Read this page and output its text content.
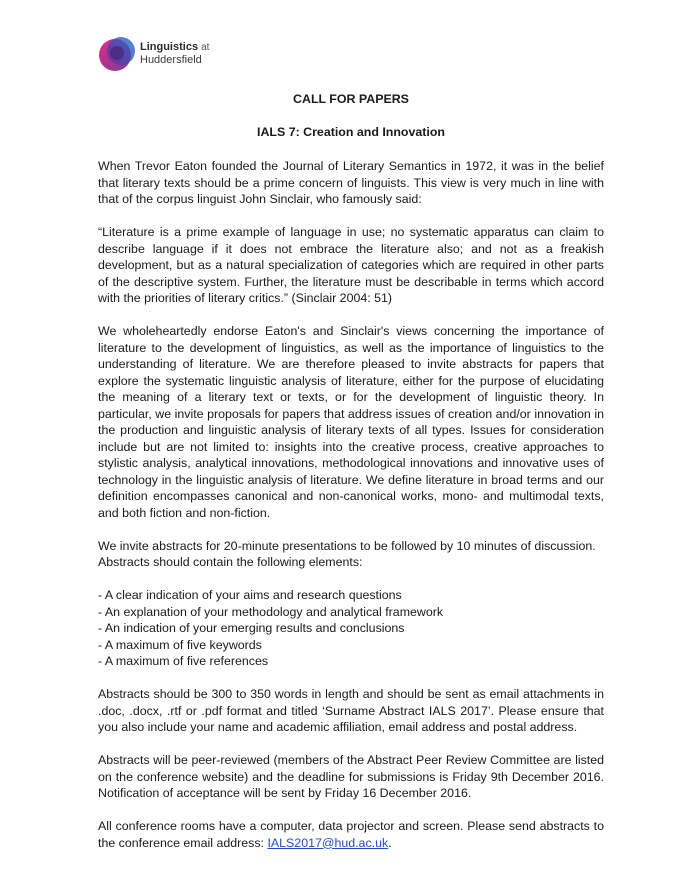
Linguistics at
Huddersfield
CALL FOR PAPERS
IALS 7: Creation and Innovation

When Trevor Eaton founded the Journal of Literary Semantics in 1972, it was in the belief that literary texts should be a prime concern of linguists. This view is very much in line with that of the corpus linguist John Sinclair, who famously said:

“Literature is a prime example of language in use; no systematic apparatus can claim to describe language if it does not embrace the literature also; and not as a freakish development, but as a natural specialization of categories which are required in other parts of the descriptive system. Further, the literature must be describable in terms which accord with the priorities of literary critics.” (Sinclair 2004: 51)

We wholeheartedly endorse Eaton's and Sinclair's views concerning the importance of literature to the development of linguistics, as well as the importance of linguistics to the understanding of literature. We are therefore pleased to invite abstracts for papers that explore the systematic linguistic analysis of literature, either for the purpose of elucidating the meaning of a literary text or texts, or for the development of linguistic theory. In particular, we invite proposals for papers that address issues of creation and/or innovation in the production and linguistic analysis of literary texts of all types. Issues for consideration include but are not limited to: insights into the creative process, creative approaches to stylistic analysis, analytical innovations, methodological innovations and innovative uses of technology in the linguistic analysis of literature. We define literature in broad terms and our definition encompasses canonical and non-canonical works, mono- and multimodal texts, and both fiction and non-fiction.

We invite abstracts for 20-minute presentations to be followed by 10 minutes of discussion. Abstracts should contain the following elements:

- A clear indication of your aims and research questions
- An explanation of your methodology and analytical framework
- An indication of your emerging results and conclusions
- A maximum of five keywords
- A maximum of five references

Abstracts should be 300 to 350 words in length and should be sent as email attachments in .doc, .docx, .rtf or .pdf format and titled ‘Surname Abstract IALS 2017’. Please ensure that you also include your name and academic affiliation, email address and postal address.

Abstracts will be peer-reviewed (members of the Abstract Peer Review Committee are listed on the conference website) and the deadline for submissions is Friday 9th December 2016. Notification of acceptance will be sent by Friday 16 December 2016.

All conference rooms have a computer, data projector and screen. Please send abstracts to the conference email address: IALS2017@hud.ac.uk.
